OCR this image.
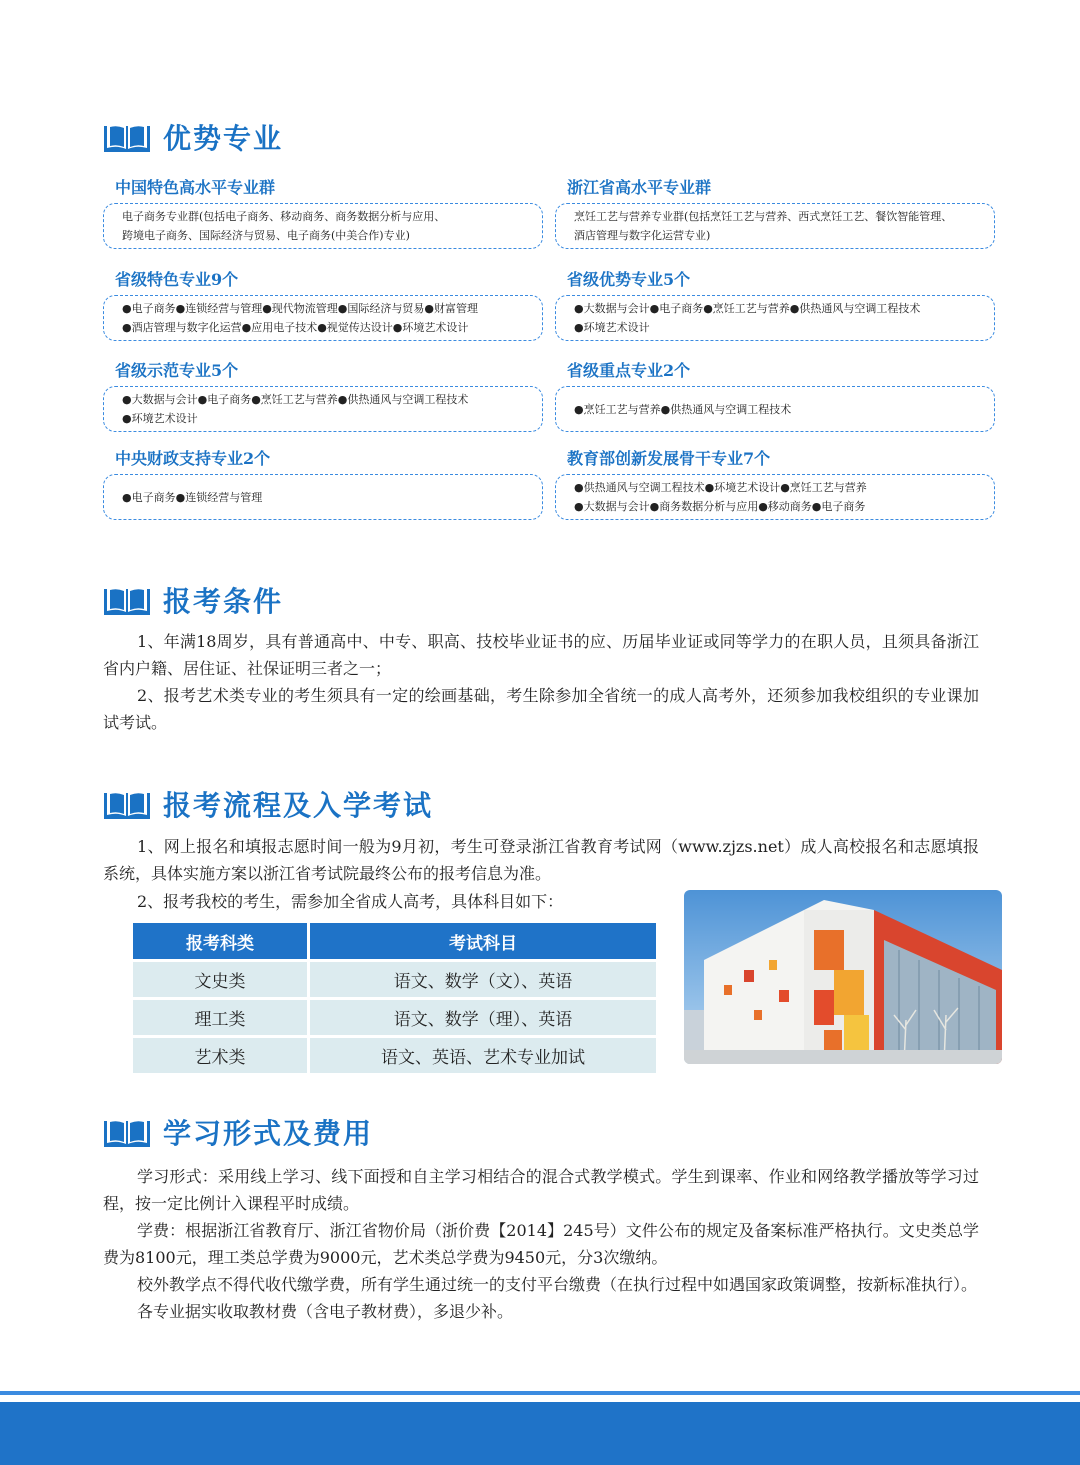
优势专业
中国特色高水平专业群
电子商务专业群(包括电子商务、移动商务、商务数据分析与应用、
跨境电子商务、国际经济与贸易、电子商务(中美合作)专业)
浙江省高水平专业群
烹饪工艺与营养专业群(包括烹饪工艺与营养、西式烹饪工艺、餐饮智能管理、
酒店管理与数字化运营专业)
省级特色专业9个
●电子商务●连锁经营与管理●现代物流管理●国际经济与贸易●财富管理
●酒店管理与数字化运营●应用电子技术●视觉传达设计●环境艺术设计
省级优势专业5个
●大数据与会计●电子商务●烹饪工艺与营养●供热通风与空调工程技术
●环境艺术设计
省级示范专业5个
●大数据与会计●电子商务●烹饪工艺与营养●供热通风与空调工程技术
●环境艺术设计
省级重点专业2个
●烹饪工艺与营养●供热通风与空调工程技术
中央财政支持专业2个
●电子商务●连锁经营与管理
教育部创新发展骨干专业7个
●供热通风与空调工程技术●环境艺术设计●烹饪工艺与营养
●大数据与会计●商务数据分析与应用●移动商务●电子商务
报考条件

1、年满18周岁，具有普通高中、中专、职高、技校毕业证书的应、历届毕业证或同等学力的在职人员，且须具备浙江省内户籍、居住证、社保证明三者之一；

2、报考艺术类专业的考生须具有一定的绘画基础，考生除参加全省统一的成人高考外，还须参加我校组织的专业课加试考试。

报考流程及入学考试

1、网上报名和填报志愿时间一般为9月初，考生可登录浙江省教育考试网（www.zjzs.net）成人高校报名和志愿填报系统，具体实施方案以浙江省考试院最终公布的报考信息为准。

2、报考我校的考生，需参加全省成人高考，具体科目如下：

报考科类	考试科目
文史类	语文、数学（文）、英语
理工类	语文、数学（理）、英语
艺术类	语文、英语、艺术专业加试
学习形式及费用

学习形式：采用线上学习、线下面授和自主学习相结合的混合式教学模式。学生到课率、作业和网络教学播放等学习过程，按一定比例计入课程平时成绩。

学费：根据浙江省教育厅、浙江省物价局（浙价费【2014】245号）文件公布的规定及备案标准严格执行。文史类总学费为8100元，理工类总学费为9000元，艺术类总学费为9450元，分3次缴纳。

校外教学点不得代收代缴学费，所有学生通过统一的支付平台缴费（在执行过程中如遇国家政策调整，按新标准执行）。

各专业据实收取教材费（含电子教材费），多退少补。
